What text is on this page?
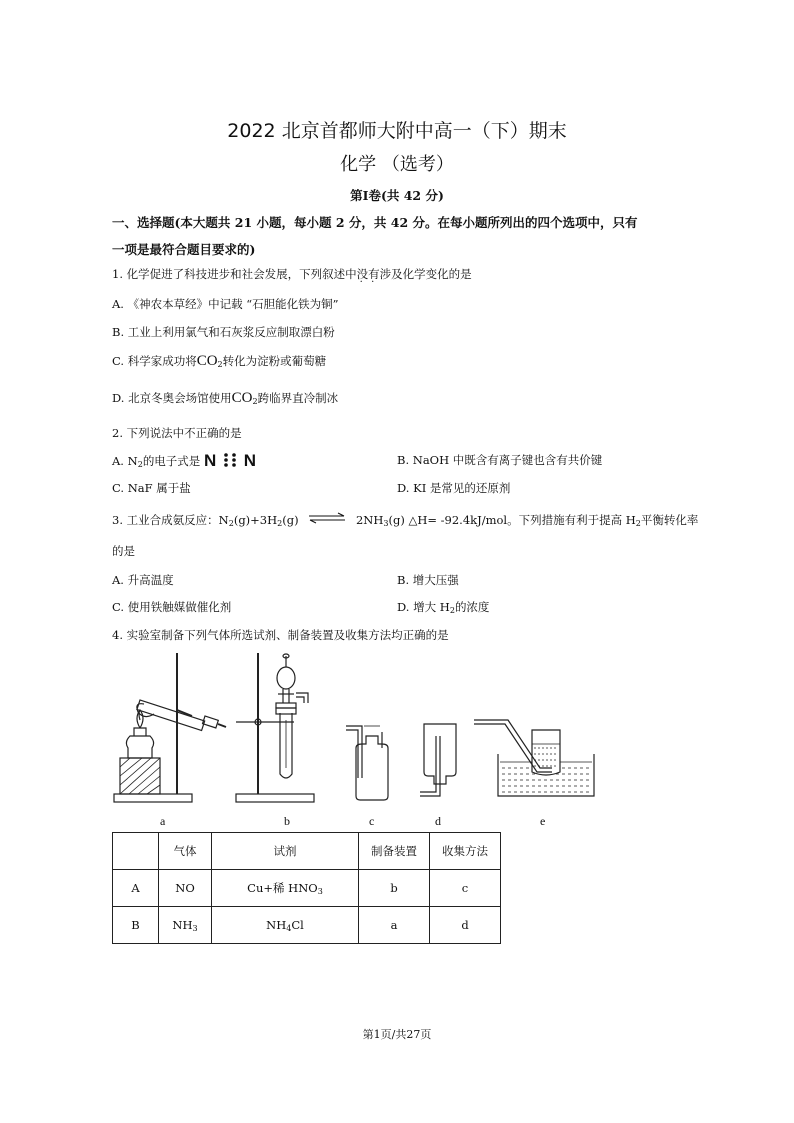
2022 北京首都师大附中高一（下）期末
化学 （选考）
第I卷(共 42 分)
一、选择题(本大题共 21 小题，每小题 2 分，共 42 分。在每小题所列出的四个选项中，只有
一项是最符合题目要求的)
1. 化学促进了科技进步和社会发展，下列叙述中没有涉及化学变化的是
A. 《神农本草经》中记载 “石胆能化铁为铜”
B. 工业上利用氯气和石灰浆反应制取漂白粉
C. 科学家成功将$CO_2$转化为淀粉或葡萄糖
D. 北京冬奥会场馆使用$CO_2$跨临界直冷制冰
2. 下列说法中不正确的是
A. $N_2$的电子式是 N N	B. NaOH 中既含有离子键也含有共价键
C. NaF 属于盐	D. KI 是常见的还原剂
3. 工业合成氨反应：$N_2(g)+3H_2(g)$ ⇌ $2NH_3(g)$ △H= -92.4kJ/mol。下列措施有利于提高 $H_2$平衡转化率
的是
A. 升高温度	B. 增大压强
C. 使用铁触媒做催化剂	D. 增大 $H_2$的浓度
4. 实验室制备下列气体所选试剂、制备装置及收集方法均正确的是
a	b	c	d	e
	气体	试剂	制备装置	收集方法
A	NO	Cu+稀 $HNO_3$	b	c
B	$NH_3$	$NH_4Cl$	a	d
第1页/共27页
